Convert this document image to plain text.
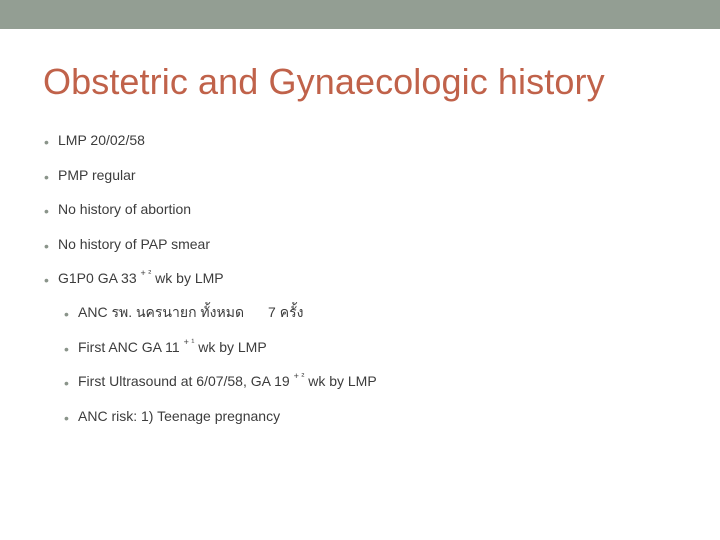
Obstetric and Gynaecologic history
• LMP 20/02/58
• PMP regular
• No history of abortion
• No history of PAP smear
• G1P0 GA 33 $^{+ ^2}$ wk by LMP
• ANC รพ. นครนายก ทั้งหมด 7 ครั้ง
• First ANC GA 11 $^{+ ^1}$ wk by LMP
• First Ultrasound at 6/07/58, GA 19 $^{+ ^2}$ wk by LMP
• ANC risk: 1) Teenage pregnancy
